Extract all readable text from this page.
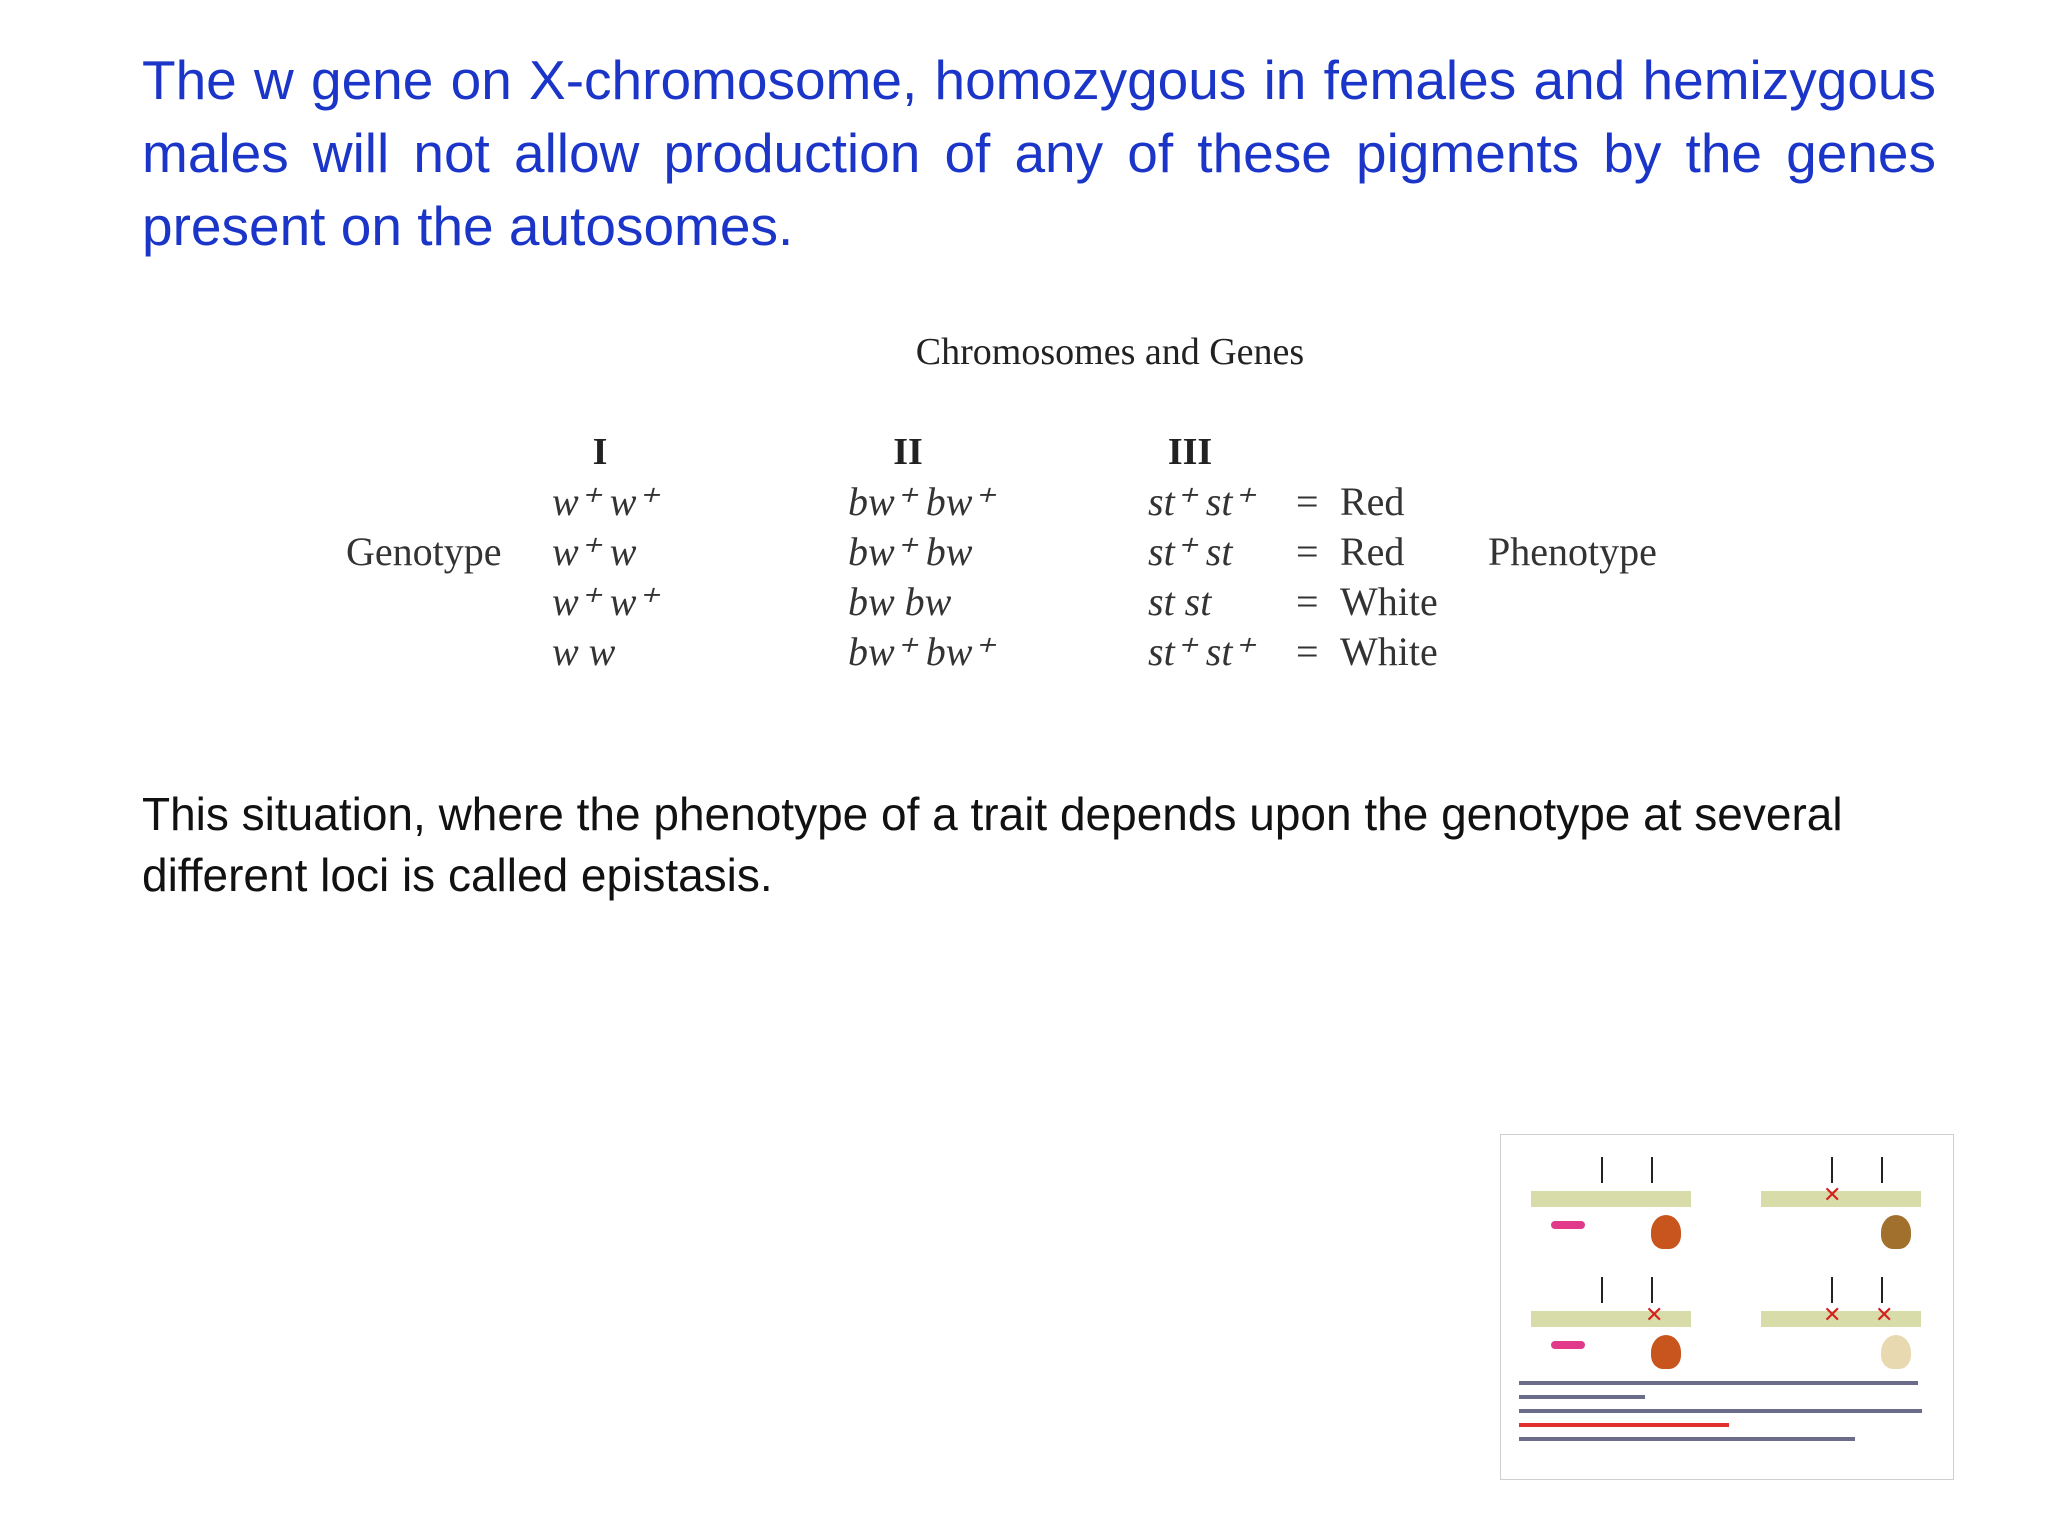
The w gene on X-chromosome, homozygous in females and hemizygous males will not allow production of any of these pigments by the genes present on the autosomes.

Chromosomes and Genes
I	II	III
Genotype	Phenotype
w⁺ w⁺	bw⁺ bw⁺	st⁺ st⁺ = Red
w⁺ w	bw⁺ bw	st⁺ st = Red
w⁺ w⁺	bw bw	st st = White
w w	bw⁺ bw⁺	st⁺ st⁺ = White

This situation, where the phenotype of a trait depends upon the genotype at several different loci is called epistasis.

✕
✕	✕ ✕
